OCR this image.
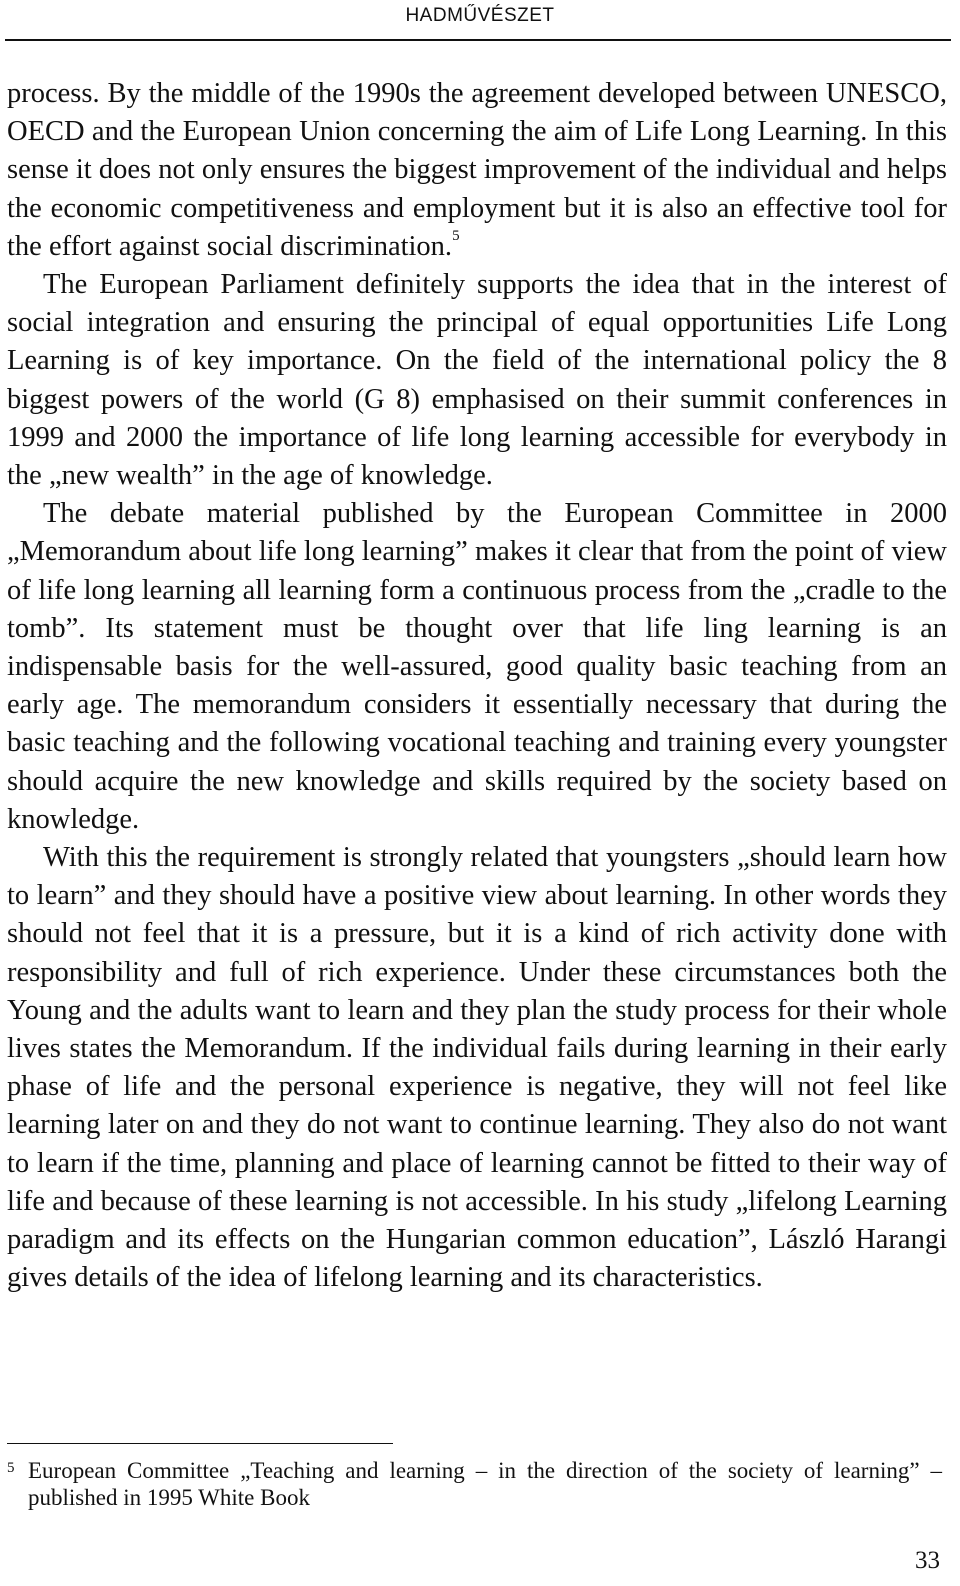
HADMŰVÉSZET

process. By the middle of the 1990s the agreement developed between UNESCO, OECD and the European Union concerning the aim of Life Long Learning. In this sense it does not only ensures the biggest improvement of the individual and helps the economic competitiveness and employment but it is also an effective tool for the effort against social discrimination.$^5$

The European Parliament definitely supports the idea that in the interest of social integration and ensuring the principal of equal opportunities Life Long Learning is of key importance. On the field of the international policy the 8 biggest powers of the world (G 8) emphasised on their summit conferences in 1999 and 2000 the importance of life long learning accessible for everybody in the „new wealth” in the age of knowledge.

The debate material published by the European Committee in 2000 „Memorandum about life long learning” makes it clear that from the point of view of life long learning all learning form a continuous process from the „cradle to the tomb”. Its statement must be thought over that life ling learning is an indispensable basis for the well-assured, good quality basic teaching from an early age. The memorandum considers it essentially necessary that during the basic teaching and the following vocational teaching and training every youngster should acquire the new knowledge and skills required by the society based on knowledge.

With this the requirement is strongly related that youngsters „should learn how to learn” and they should have a positive view about learning. In other words they should not feel that it is a pressure, but it is a kind of rich activity done with responsibility and full of rich experience. Under these circumstances both the Young and the adults want to learn and they plan the study process for their whole lives states the Memorandum. If the individual fails during learning in their early phase of life and the personal experience is negative, they will not feel like learning later on and they do not want to continue learning. They also do not want to learn if the time, planning and place of learning cannot be fitted to their way of life and because of these learning is not accessible. In his study „lifelong Learning paradigm and its effects on the Hungarian common education”, László Harangi gives details of the idea of lifelong learning and its characteristics.

5 European Committee „Teaching and learning – in the direction of the society of learning” – published in 1995 White Book
33
